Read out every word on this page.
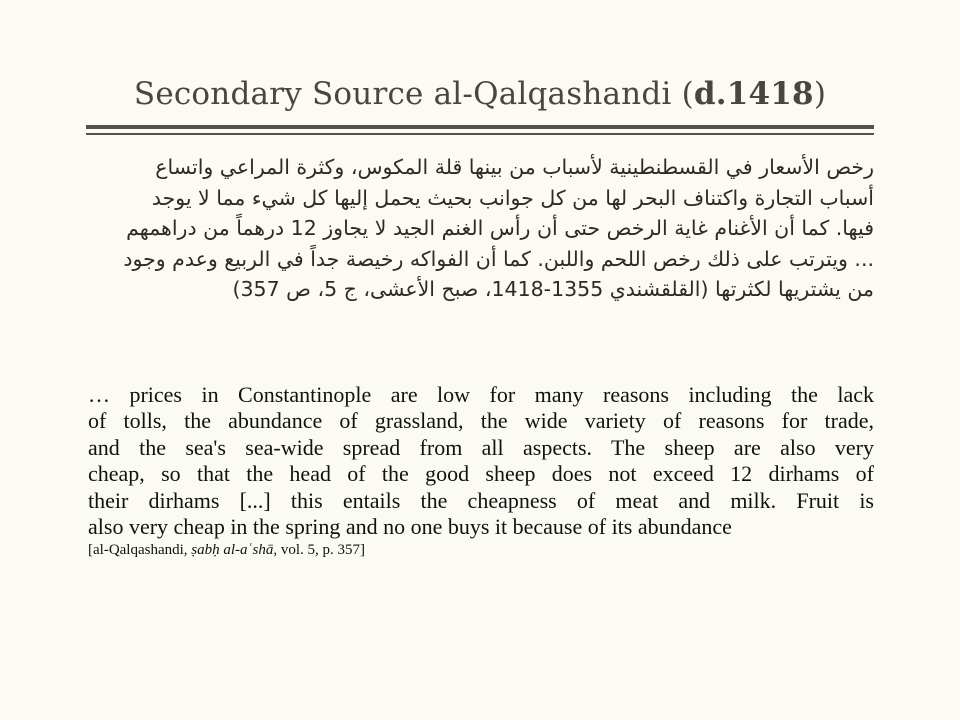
Secondary Source al-Qalqashandi (d.1418)
رخص الأسعار في القسطنطينية لأسباب من بينها قلة المكوس، وكثرة المراعي واتساع
أسباب التجارة واكتناف البحر لها من كل جوانب بحيث يحمل إليها كل شيء مما لا يوجد
فيها. كما أن الأغنام غاية الرخص حتى أن رأس الغنم الجيد لا يجاوز 12 درهماً من دراهمهم
... ويترتب على ذلك رخص اللحم واللبن. كما أن الفواكه رخيصة جداً في الربيع وعدم وجود
من يشتريها لكثرتها (القلقشندي 1355-1418، صبح الأعشى، ج 5، ص 357)
… prices in Constantinople are low for many reasons including the lack
of tolls, the abundance of grassland, the wide variety of reasons for trade,
and the sea's sea-wide spread from all aspects. The sheep are also very
cheap, so that the head of the good sheep does not exceed 12 dirhams of
their dirhams [...] this entails the cheapness of meat and milk. Fruit is
also very cheap in the spring and no one buys it because of its abundance
[al-Qalqashandi, ṣabḥ al-aʿshā, vol. 5, p. 357]
